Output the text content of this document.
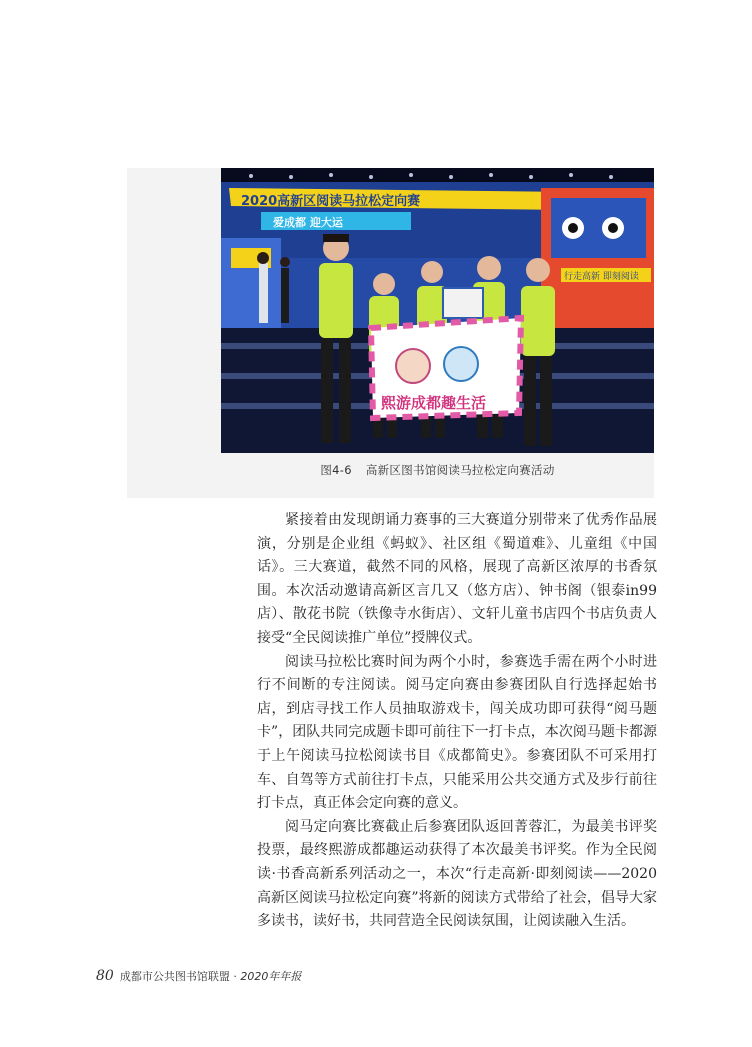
2020高新区阅读马拉松定向赛
爱成都 迎大运
行走高新 即刻阅读
熙游成都趣生活
图4-6 高新区图书馆阅读马拉松定向赛活动

紧接着由发现朗诵力赛事的三大赛道分别带来了优秀作品展演，分别是企业组《蚂蚁》、社区组《蜀道难》、儿童组《中国话》。三大赛道，截然不同的风格，展现了高新区浓厚的书香氛围。本次活动邀请高新区言几又（悠方店）、钟书阁（银泰in99店）、散花书院（铁像寺水街店）、文轩儿童书店四个书店负责人接受“全民阅读推广单位”授牌仪式。

阅读马拉松比赛时间为两个小时，参赛选手需在两个小时进行不间断的专注阅读。阅马定向赛由参赛团队自行选择起始书店，到店寻找工作人员抽取游戏卡，闯关成功即可获得“阅马题卡”，团队共同完成题卡即可前往下一打卡点，本次阅马题卡都源于上午阅读马拉松阅读书目《成都简史》。参赛团队不可采用打车、自驾等方式前往打卡点，只能采用公共交通方式及步行前往打卡点，真正体会定向赛的意义。

阅马定向赛比赛截止后参赛团队返回菁蓉汇，为最美书评奖投票，最终熙游成都趣运动获得了本次最美书评奖。作为全民阅读·书香高新系列活动之一，本次“行走高新·即刻阅读——2020高新区阅读马拉松定向赛”将新的阅读方式带给了社会，倡导大家多读书，读好书，共同营造全民阅读氛围，让阅读融入生活。

80 成都市公共图书馆联盟 · 2020年年报
